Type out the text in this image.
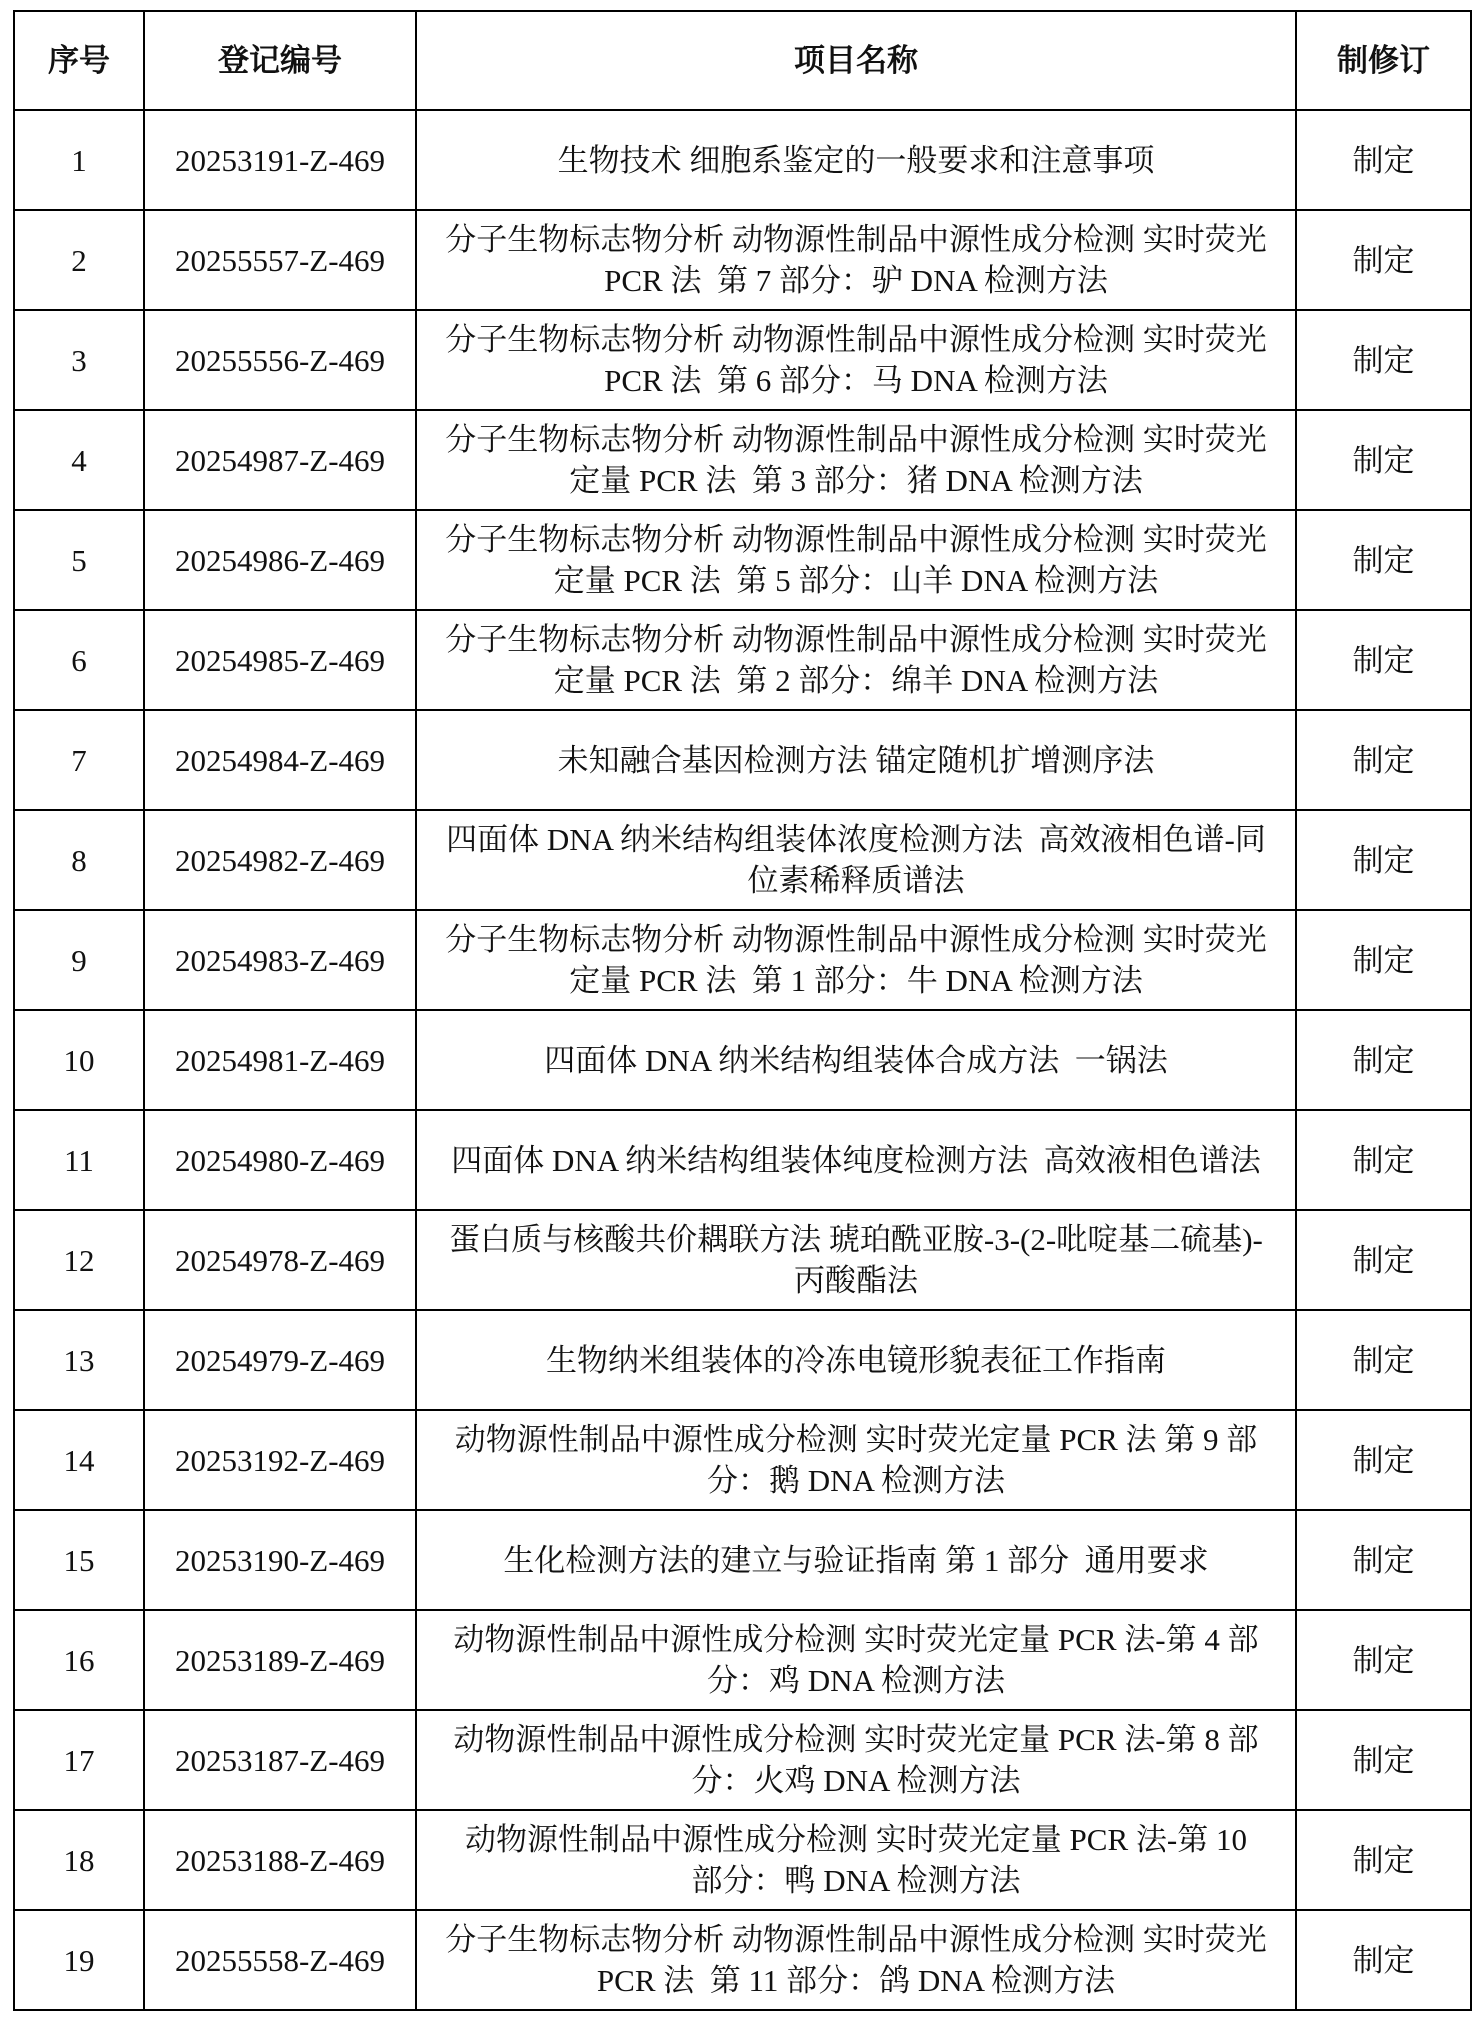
序号	登记编号	项目名称	制修订
1	20253191-Z-469	生物技术 细胞系鉴定的一般要求和注意事项	制定
2	20255557-Z-469	分子生物标志物分析 动物源性制品中源性成分检测 实时荧光
PCR 法  第 7 部分：驴 DNA 检测方法	制定
3	20255556-Z-469	分子生物标志物分析 动物源性制品中源性成分检测 实时荧光
PCR 法  第 6 部分：马 DNA 检测方法	制定
4	20254987-Z-469	分子生物标志物分析 动物源性制品中源性成分检测 实时荧光
定量 PCR 法  第 3 部分：猪 DNA 检测方法	制定
5	20254986-Z-469	分子生物标志物分析 动物源性制品中源性成分检测 实时荧光
定量 PCR 法  第 5 部分：山羊 DNA 检测方法	制定
6	20254985-Z-469	分子生物标志物分析 动物源性制品中源性成分检测 实时荧光
定量 PCR 法  第 2 部分：绵羊 DNA 检测方法	制定
7	20254984-Z-469	未知融合基因检测方法 锚定随机扩增测序法	制定
8	20254982-Z-469	四面体 DNA 纳米结构组装体浓度检测方法  高效液相色谱-同
位素稀释质谱法	制定
9	20254983-Z-469	分子生物标志物分析 动物源性制品中源性成分检测 实时荧光
定量 PCR 法  第 1 部分：牛 DNA 检测方法	制定
10	20254981-Z-469	四面体 DNA 纳米结构组装体合成方法  一锅法	制定
11	20254980-Z-469	四面体 DNA 纳米结构组装体纯度检测方法  高效液相色谱法	制定
12	20254978-Z-469	蛋白质与核酸共价耦联方法 琥珀酰亚胺-3-(2-吡啶基二硫基)-
丙酸酯法	制定
13	20254979-Z-469	生物纳米组装体的冷冻电镜形貌表征工作指南	制定
14	20253192-Z-469	动物源性制品中源性成分检测 实时荧光定量 PCR 法 第 9 部
分：鹅 DNA 检测方法	制定
15	20253190-Z-469	生化检测方法的建立与验证指南 第 1 部分  通用要求	制定
16	20253189-Z-469	动物源性制品中源性成分检测 实时荧光定量 PCR 法-第 4 部
分：鸡 DNA 检测方法	制定
17	20253187-Z-469	动物源性制品中源性成分检测 实时荧光定量 PCR 法-第 8 部
分：火鸡 DNA 检测方法	制定
18	20253188-Z-469	动物源性制品中源性成分检测 实时荧光定量 PCR 法-第 10
部分：鸭 DNA 检测方法	制定
19	20255558-Z-469	分子生物标志物分析 动物源性制品中源性成分检测 实时荧光
PCR 法  第 11 部分：鸽 DNA 检测方法	制定
